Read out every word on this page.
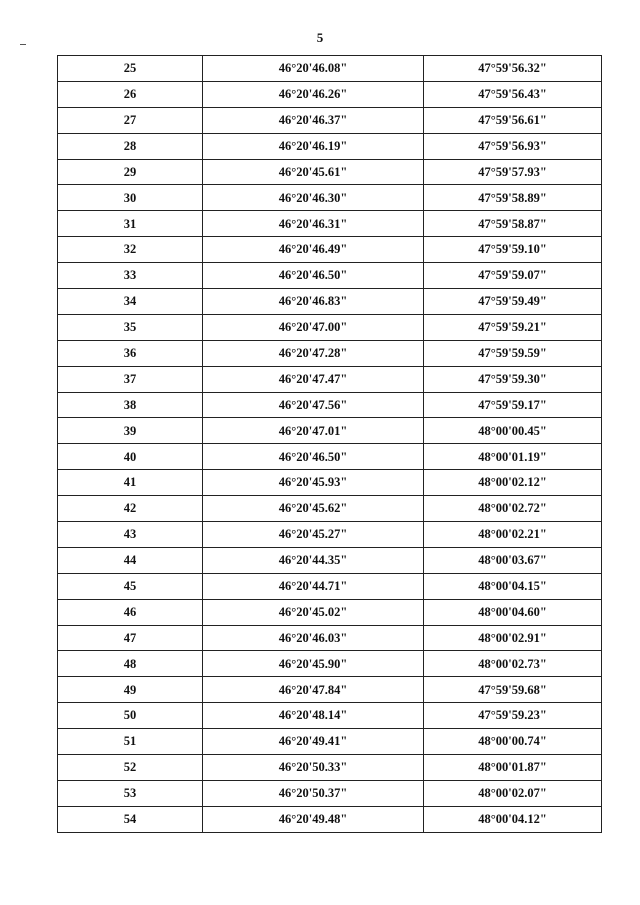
5
25	46°20'46.08"	47°59'56.32"
26	46°20'46.26"	47°59'56.43"
27	46°20'46.37"	47°59'56.61"
28	46°20'46.19"	47°59'56.93"
29	46°20'45.61"	47°59'57.93"
30	46°20'46.30"	47°59'58.89"
31	46°20'46.31"	47°59'58.87"
32	46°20'46.49"	47°59'59.10"
33	46°20'46.50"	47°59'59.07"
34	46°20'46.83"	47°59'59.49"
35	46°20'47.00"	47°59'59.21"
36	46°20'47.28"	47°59'59.59"
37	46°20'47.47"	47°59'59.30"
38	46°20'47.56"	47°59'59.17"
39	46°20'47.01"	48°00'00.45"
40	46°20'46.50"	48°00'01.19"
41	46°20'45.93"	48°00'02.12"
42	46°20'45.62"	48°00'02.72"
43	46°20'45.27"	48°00'02.21"
44	46°20'44.35"	48°00'03.67"
45	46°20'44.71"	48°00'04.15"
46	46°20'45.02"	48°00'04.60"
47	46°20'46.03"	48°00'02.91"
48	46°20'45.90"	48°00'02.73"
49	46°20'47.84"	47°59'59.68"
50	46°20'48.14"	47°59'59.23"
51	46°20'49.41"	48°00'00.74"
52	46°20'50.33"	48°00'01.87"
53	46°20'50.37"	48°00'02.07"
54	46°20'49.48"	48°00'04.12"
